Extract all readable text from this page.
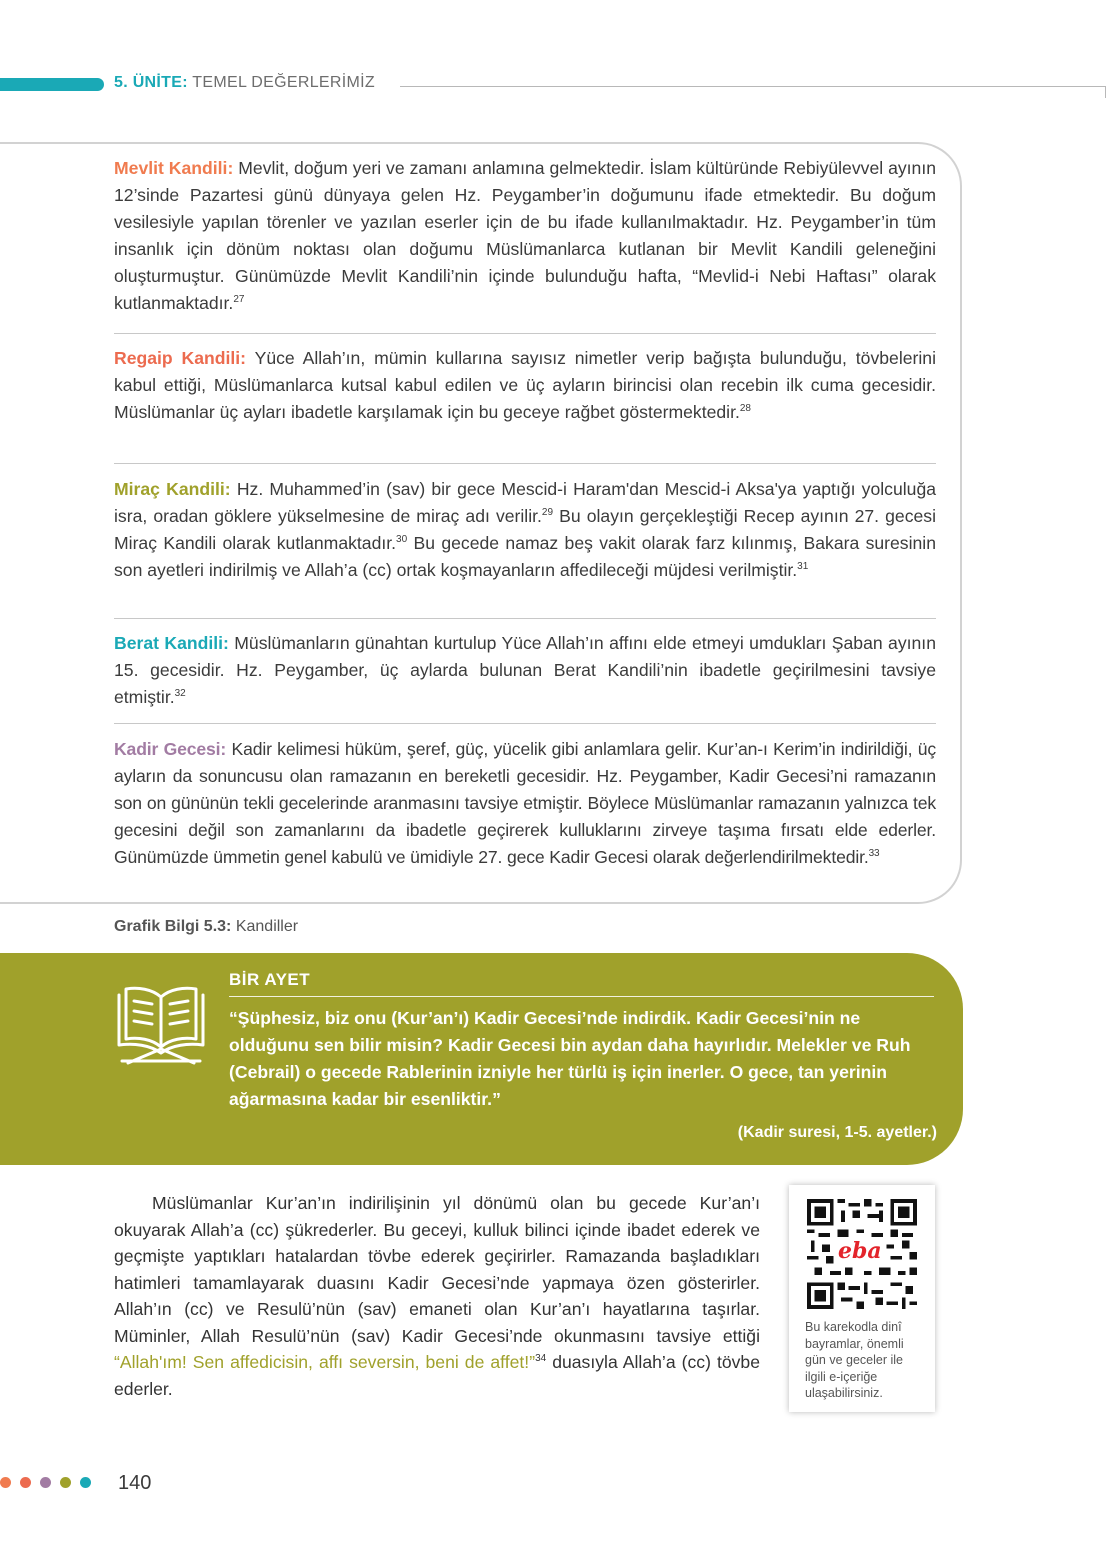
5. ÜNİTE: TEMEL DEĞERLERİMİZ
Mevlit Kandili: Mevlit, doğum yeri ve zamanı anlamına gelmektedir. İslam kültüründe Rebiyülevvel ayının 12’sinde Pazartesi günü dünyaya gelen Hz. Peygamber’in doğumunu ifade etmektedir. Bu doğum vesilesiyle yapılan törenler ve yazılan eserler için de bu ifade kullanılmaktadır. Hz. Peygamber’in tüm insanlık için dönüm noktası olan doğumu Müslümanlarca kutlanan bir Mevlit Kandili geleneğini oluşturmuştur. Günümüzde Mevlit Kandili’nin içinde bulunduğu hafta, “Mevlid-i Nebi Haftası” olarak kutlanmaktadır.$^{27}$
Regaip Kandili: Yüce Allah’ın, mümin kullarına sayısız nimetler verip bağışta bulunduğu, tövbelerini kabul ettiği, Müslümanlarca kutsal kabul edilen ve üç ayların birincisi olan recebin ilk cuma gecesidir. Müslümanlar üç ayları ibadetle karşılamak için bu geceye rağbet göstermektedir.$^{28}$
Miraç Kandili: Hz. Muhammed’in (sav) bir gece Mescid-i Haram'dan Mescid-i Aksa'ya yaptığı yolculuğa isra, oradan göklere yükselmesine de miraç adı verilir.$^{29}$ Bu olayın gerçekleştiği Recep ayının 27. gecesi Miraç Kandili olarak kutlanmaktadır.$^{30}$ Bu gecede namaz beş vakit olarak farz kılınmış, Bakara suresinin son ayetleri indirilmiş ve Allah’a (cc) ortak koşmayanların affedileceği müjdesi verilmiştir.$^{31}$
Berat Kandili: Müslümanların günahtan kurtulup Yüce Allah’ın affını elde etmeyi umdukları Şaban ayının 15. gecesidir. Hz. Peygamber, üç aylarda bulunan Berat Kandili’nin ibadetle geçirilmesini tavsiye etmiştir.$^{32}$
Kadir Gecesi: Kadir kelimesi hüküm, şeref, güç, yücelik gibi anlamlara gelir. Kur’an-ı Kerim’in indirildiği, üç ayların da sonuncusu olan ramazanın en bereketli gecesidir. Hz. Peygamber, Kadir Gecesi’ni ramazanın son on gününün tekli gecelerinde aranmasını tavsiye etmiştir. Böylece Müslümanlar ramazanın yalnızca tek gecesini değil son zamanlarını da ibadetle geçirerek kulluklarını zirveye taşıma fırsatı elde ederler. Günümüzde ümmetin genel kabulü ve ümidiyle 27. gece Kadir Gecesi olarak değerlendirilmektedir.$^{33}$
Grafik Bilgi 5.3: Kandiller
BİR AYET
“Şüphesiz, biz onu (Kur’an’ı) Kadir Gecesi’nde indirdik. Kadir Gecesi’nin ne olduğunu sen bilir misin? Kadir Gecesi bin aydan daha hayırlıdır. Melekler ve Ruh (Cebrail) o gecede Rablerinin izniyle her türlü iş için inerler. O gece, tan yerinin ağarmasına kadar bir esenliktir.”
(Kadir suresi, 1-5. ayetler.)
Müslümanlar Kur’an’ın indirilişinin yıl dönümü olan bu gecede Kur’an’ı okuyarak Allah’a (cc) şükrederler. Bu geceyi, kulluk bilinci içinde ibadet ederek ve geçmişte yaptıkları hatalardan tövbe ederek geçirirler. Ramazanda başladıkları hatimleri tamamlayarak duasını Kadir Gecesi’nde yapmaya özen gösterirler. Allah’ın (cc) ve Resulü’nün (sav) emaneti olan Kur’an’ı hayatlarına taşırlar. Müminler, Allah Resulü’nün (sav) Kadir Gecesi’nde okunmasını tavsiye ettiği “Allah'ım! Sen affedicisin, affı seversin, beni de affet!”$^{34}$ duasıyla Allah’a (cc) tövbe ederler.
Bu karekodla dinî bayramlar, önemli gün ve geceler ile ilgili e-içeriğe ulaşabilirsiniz.
eba
140
